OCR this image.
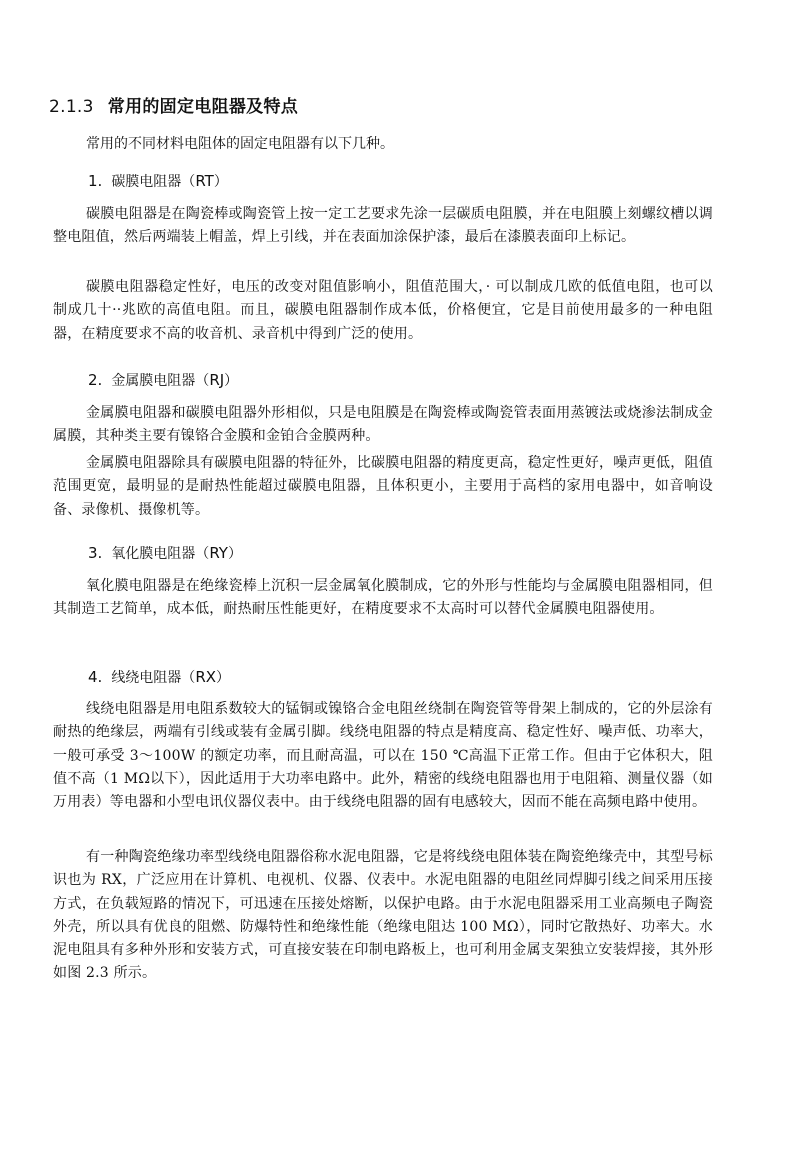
2.1.3 常用的固定电阻器及特点
常用的不同材料电阻体的固定电阻器有以下几种。
1. 碳膜电阻器（RT）
碳膜电阻器是在陶瓷棒或陶瓷管上按一定工艺要求先涂一层碳质电阻膜，并在电阻膜上刻螺纹槽以调整电阻值，然后两端装上帽盖，焊上引线，并在表面加涂保护漆，最后在漆膜表面印上标记。
碳膜电阻器稳定性好，电压的改变对阻值影响小，阻值范围大，· 可以制成几欧的低值电阻，也可以制成几十··兆欧的高值电阻。而且，碳膜电阻器制作成本低，价格便宜，它是目前使用最多的一种电阻器，在精度要求不高的收音机、录音机中得到广泛的使用。
2. 金属膜电阻器（RJ）
金属膜电阻器和碳膜电阻器外形相似，只是电阻膜是在陶瓷棒或陶瓷管表面用蒸镀法或烧渗法制成金属膜，其种类主要有镍铬合金膜和金铂合金膜两种。
金属膜电阻器除具有碳膜电阻器的特征外，比碳膜电阻器的精度更高，稳定性更好，噪声更低，阻值范围更宽，最明显的是耐热性能超过碳膜电阻器，且体积更小，主要用于高档的家用电器中，如音响设备、录像机、摄像机等。
3. 氧化膜电阻器（RY）
氧化膜电阻器是在绝缘瓷棒上沉积一层金属氧化膜制成，它的外形与性能均与金属膜电阻器相同，但其制造工艺简单，成本低，耐热耐压性能更好，在精度要求不太高时可以替代金属膜电阻器使用。
4. 线绕电阻器（RX）
线绕电阻器是用电阻系数较大的锰铜或镍铬合金电阻丝绕制在陶瓷管等骨架上制成的，它的外层涂有耐热的绝缘层，两端有引线或装有金属引脚。线绕电阻器的特点是精度高、稳定性好、噪声低、功率大，一般可承受 3～100W 的额定功率，而且耐高温，可以在 150 ℃高温下正常工作。但由于它体积大，阻值不高（1 MΩ以下），因此适用于大功率电路中。此外，精密的线绕电阻器也用于电阻箱、测量仪器（如万用表）等电器和小型电讯仪器仪表中。由于线绕电阻器的固有电感较大，因而不能在高频电路中使用。
有一种陶瓷绝缘功率型线绕电阻器俗称水泥电阻器，它是将线绕电阻体装在陶瓷绝缘壳中，其型号标识也为 RX，广泛应用在计算机、电视机、仪器、仪表中。水泥电阻器的电阻丝同焊脚引线之间采用压接方式，在负载短路的情况下，可迅速在压接处熔断，以保护电路。由于水泥电阻器采用工业高频电子陶瓷外壳，所以具有优良的阻燃、防爆特性和绝缘性能（绝缘电阻达 100 MΩ），同时它散热好、功率大。水泥电阻具有多种外形和安装方式，可直接安装在印制电路板上，也可利用金属支架独立安装焊接，其外形如图 2.3 所示。
